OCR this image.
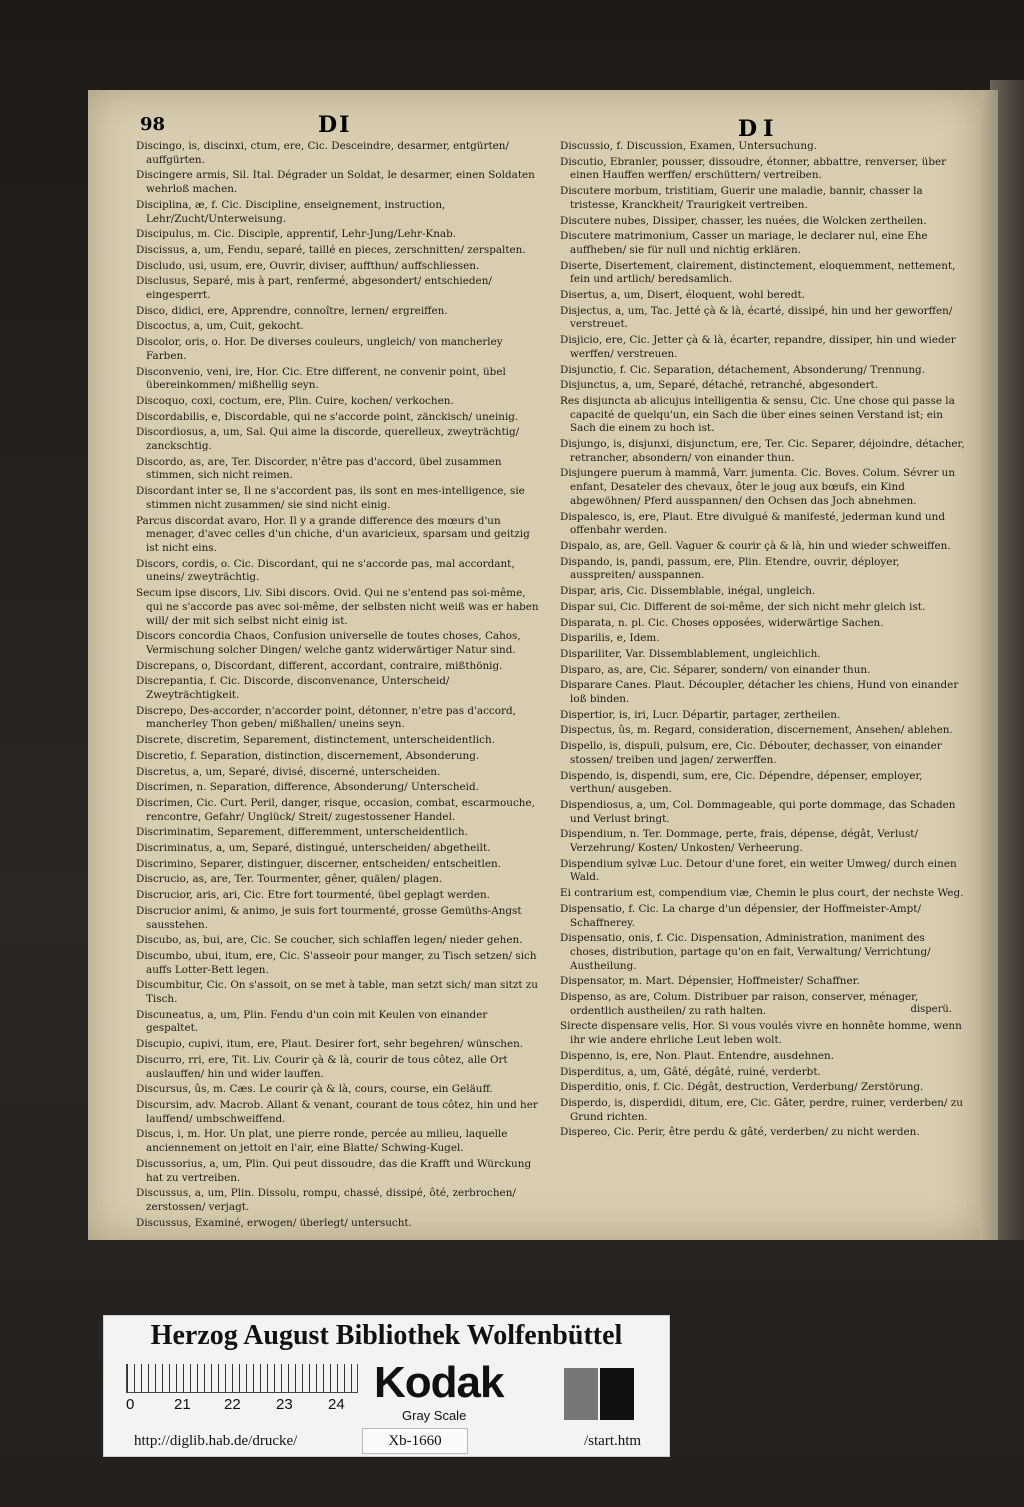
98	DI	DI

Discingo, is, discinxi, ctum, ere, Cic. Desceindre, desarmer, entgürten/ auffgürten.

Discingere armis, Sil. Ital. Dégrader un Soldat, le desarmer, einen Soldaten wehrloß machen.

Disciplina, æ, f. Cic. Discipline, enseignement, instruction, Lehr/Zucht/Unterweisung.

Discipulus, m. Cic. Disciple, apprentif, Lehr-Jung/Lehr-Knab.

Discissus, a, um, Fendu, separé, taillé en pieces, zerschnitten/ zerspalten.

Discludo, usi, usum, ere, Ouvrir, diviser, auffthun/ auffschliessen.

Disclusus, Separé, mis à part, renfermé, abgesondert/ entschieden/ eingesperrt.

Disco, didici, ere, Apprendre, connoître, lernen/ ergreiffen.

Discoctus, a, um, Cuit, gekocht.

Discolor, oris, o. Hor. De diverses couleurs, ungleich/ von mancherley Farben.

Disconvenio, veni, ire, Hor. Cic. Etre different, ne convenir point, übel übereinkommen/ mißhellig seyn.

Discoquo, coxi, coctum, ere, Plin. Cuire, kochen/ verkochen.

Discordabilis, e, Discordable, qui ne s'accorde point, zänckisch/ uneinig.

Discordiosus, a, um, Sal. Qui aime la discorde, querelleux, zweyträchtig/ zanckschtig.

Discordo, as, are, Ter. Discorder, n'être pas d'accord, übel zusammen stimmen, sich nicht reimen.

Discordant inter se, Il ne s'accordent pas, ils sont en mes-intelligence, sie stimmen nicht zusammen/ sie sind nicht einig.

Parcus discordat avaro, Hor. Il y a grande difference des mœurs d'un menager, d'avec celles d'un chiche, d'un avaricieux, sparsam und geitzig ist nicht eins.

Discors, cordis, o. Cic. Discordant, qui ne s'accorde pas, mal accordant, uneins/ zweyträchtig.

Secum ipse discors, Liv. Sibi discors. Ovid. Qui ne s'entend pas soi-même, qui ne s'accorde pas avec soi-même, der selbsten nicht weiß was er haben will/ der mit sich selbst nicht einig ist.

Discors concordia Chaos, Confusion universelle de toutes choses, Cahos, Vermischung solcher Dingen/ welche gantz widerwärtiger Natur sind.

Discrepans, o, Discordant, different, accordant, contraire, mißthönig.

Discrepantia, f. Cic. Discorde, disconvenance, Unterscheid/ Zweyträchtigkeit.

Discrepo, Des-accorder, n'accorder point, détonner, n'etre pas d'accord, mancherley Thon geben/ mißhallen/ uneins seyn.

Discrete, discretim, Separement, distinctement, unterscheidentlich.

Discretio, f. Separation, distinction, discernement, Absonderung.

Discretus, a, um, Separé, divisé, discerné, unterscheiden.

Discrimen, n. Separation, difference, Absonderung/ Unterscheid.

Discrimen, Cic. Curt. Peril, danger, risque, occasion, combat, escarmouche, rencontre, Gefahr/ Unglück/ Streit/ zugestossener Handel.

Discriminatim, Separement, differemment, unterscheidentlich.

Discriminatus, a, um, Separé, distingué, unterscheiden/ abgetheilt.

Discrimino, Separer, distinguer, discerner, entscheiden/ entscheitlen.

Discrucio, as, are, Ter. Tourmenter, gêner, quälen/ plagen.

Discrucior, aris, ari, Cic. Etre fort tourmenté, übel geplagt werden.

Discrucior animi, & animo, je suis fort tourmenté, grosse Gemüths-Angst sausstehen.

Discubo, as, bui, are, Cic. Se coucher, sich schlaffen legen/ nieder gehen.

Discumbo, ubui, itum, ere, Cic. S'asseoir pour manger, zu Tisch setzen/ sich auffs Lotter-Bett legen.

Discumbitur, Cic. On s'assoit, on se met à table, man setzt sich/ man sitzt zu Tisch.

Discuneatus, a, um, Plin. Fendu d'un coin mit Keulen von einander gespaltet.

Discupio, cupivi, itum, ere, Plaut. Desirer fort, sehr begehren/ wünschen.

Discurro, rri, ere, Tit. Liv. Courir çà & là, courir de tous côtez, alle Ort auslauffen/ hin und wider lauffen.

Discursus, ûs, m. Cæs. Le courir çà & là, cours, course, ein Geläuff.

Discursim, adv. Macrob. Allant & venant, courant de tous côtez, hin und her lauffend/ umbschweiffend.

Discus, i, m. Hor. Un plat, une pierre ronde, percée au milieu, laquelle anciennement on jettoit en l'air, eine Blatte/ Schwing-Kugel.

Discussorius, a, um, Plin. Qui peut dissoudre, das die Krafft und Würckung hat zu vertreiben.

Discussus, a, um, Plin. Dissolu, rompu, chassé, dissipé, ôté, zerbrochen/ zerstossen/ verjagt.

Discussus, Examiné, erwogen/ überlegt/ untersucht.

Discussio, f. Discussion, Examen, Untersuchung.

Discutio, Ebranler, pousser, dissoudre, étonner, abbattre, renverser, über einen Hauffen werffen/ erschüttern/ vertreiben.

Discutere morbum, tristitiam, Guerir une maladie, bannir, chasser la tristesse, Kranckheit/ Traurigkeit vertreiben.

Discutere nubes, Dissiper, chasser, les nuées, die Wolcken zertheilen.

Discutere matrimonium, Casser un mariage, le declarer nul, eine Ehe auffheben/ sie für null und nichtig erklären.

Diserte, Disertement, clairement, distinctement, eloquemment, nettement, fein und artlich/ beredsamlich.

Disertus, a, um, Disert, éloquent, wohl beredt.

Disjectus, a, um, Tac. Jetté çà & là, écarté, dissipé, hin und her geworffen/ verstreuet.

Disjicio, ere, Cic. Jetter çà & là, écarter, repandre, dissiper, hin und wieder werffen/ verstreuen.

Disjunctio, f. Cic. Separation, détachement, Absonderung/ Trennung.

Disjunctus, a, um, Separé, détaché, retranché, abgesondert.

Res disjuncta ab alicujus intelligentia & sensu, Cic. Une chose qui passe la capacité de quelqu'un, ein Sach die über eines seinen Verstand ist; ein Sach die einem zu hoch ist.

Disjungo, is, disjunxi, disjunctum, ere, Ter. Cic. Separer, déjoindre, détacher, retrancher, absondern/ von einander thun.

Disjungere puerum à mammâ, Varr. jumenta. Cic. Boves. Colum. Sévrer un enfant, Desateler des chevaux, ôter le joug aux bœufs, ein Kind abgewöhnen/ Pferd ausspannen/ den Ochsen das Joch abnehmen.

Dispalesco, is, ere, Plaut. Etre divulgué & manifesté, jederman kund und offenbahr werden.

Dispalo, as, are, Gell. Vaguer & courir çà & là, hin und wieder schweiffen.

Dispando, is, pandi, passum, ere, Plin. Etendre, ouvrir, déployer, ausspreiten/ ausspannen.

Dispar, aris, Cic. Dissemblable, inégal, ungleich.

Dispar sui, Cic. Different de soi-même, der sich nicht mehr gleich ist.

Disparata, n. pl. Cic. Choses opposées, widerwärtige Sachen.

Disparilis, e, Idem.

Dispariliter, Var. Dissemblablement, ungleichlich.

Disparo, as, are, Cic. Séparer, sondern/ von einander thun.

Disparare Canes. Plaut. Découpler, détacher les chiens, Hund von einander loß binden.

Dispertior, is, iri, Lucr. Départir, partager, zertheilen.

Dispectus, ûs, m. Regard, consideration, discernement, Ansehen/ ablehen.

Dispello, is, dispuli, pulsum, ere, Cic. Débouter, dechasser, von einander stossen/ treiben und jagen/ zerwerffen.

Dispendo, is, dispendi, sum, ere, Cic. Dépendre, dépenser, employer, verthun/ ausgeben.

Dispendiosus, a, um, Col. Dommageable, qui porte dommage, das Schaden und Verlust bringt.

Dispendium, n. Ter. Dommage, perte, frais, dépense, dégât, Verlust/ Verzehrung/ Kosten/ Unkosten/ Verheerung.

Dispendium sylvæ Luc. Detour d'une foret, ein weiter Umweg/ durch einen Wald.

Ei contrarium est, compendium viæ, Chemin le plus court, der nechste Weg.

Dispensatio, f. Cic. La charge d'un dépensier, der Hoffmeister-Ampt/ Schaffnerey.

Dispensatio, onis, f. Cic. Dispensation, Administration, maniment des choses, distribution, partage qu'on en fait, Verwaltung/ Verrichtung/ Austheilung.

Dispensator, m. Mart. Dépensier, Hoffmeister/ Schaffner.

Dispenso, as are, Colum. Distribuer par raison, conserver, ménager, ordentlich austheilen/ zu rath halten.

Sirecte dispensare velis, Hor. Si vous voulés vivre en honnête homme, wenn ihr wie andere ehrliche Leut leben wolt.

Dispenno, is, ere, Non. Plaut. Entendre, ausdehnen.

Disperditus, a, um, Gâté, dégâté, ruiné, verderbt.

Disperditio, onis, f. Cic. Dégât, destruction, Verderbung/ Zerstörung.

Disperdo, is, disperdidi, ditum, ere, Cic. Gâter, perdre, ruiner, verderben/ zu Grund richten.

Dispereo, Cic. Perir, être perdu & gâté, verderben/ zu nicht werden.

disperü.
Herzog August Bibliothek Wolfenbüttel
0	21 22 23 24 Kodak
Gray Scale
http://diglib.hab.de/drucke/	Xb-1660	/start.htm
